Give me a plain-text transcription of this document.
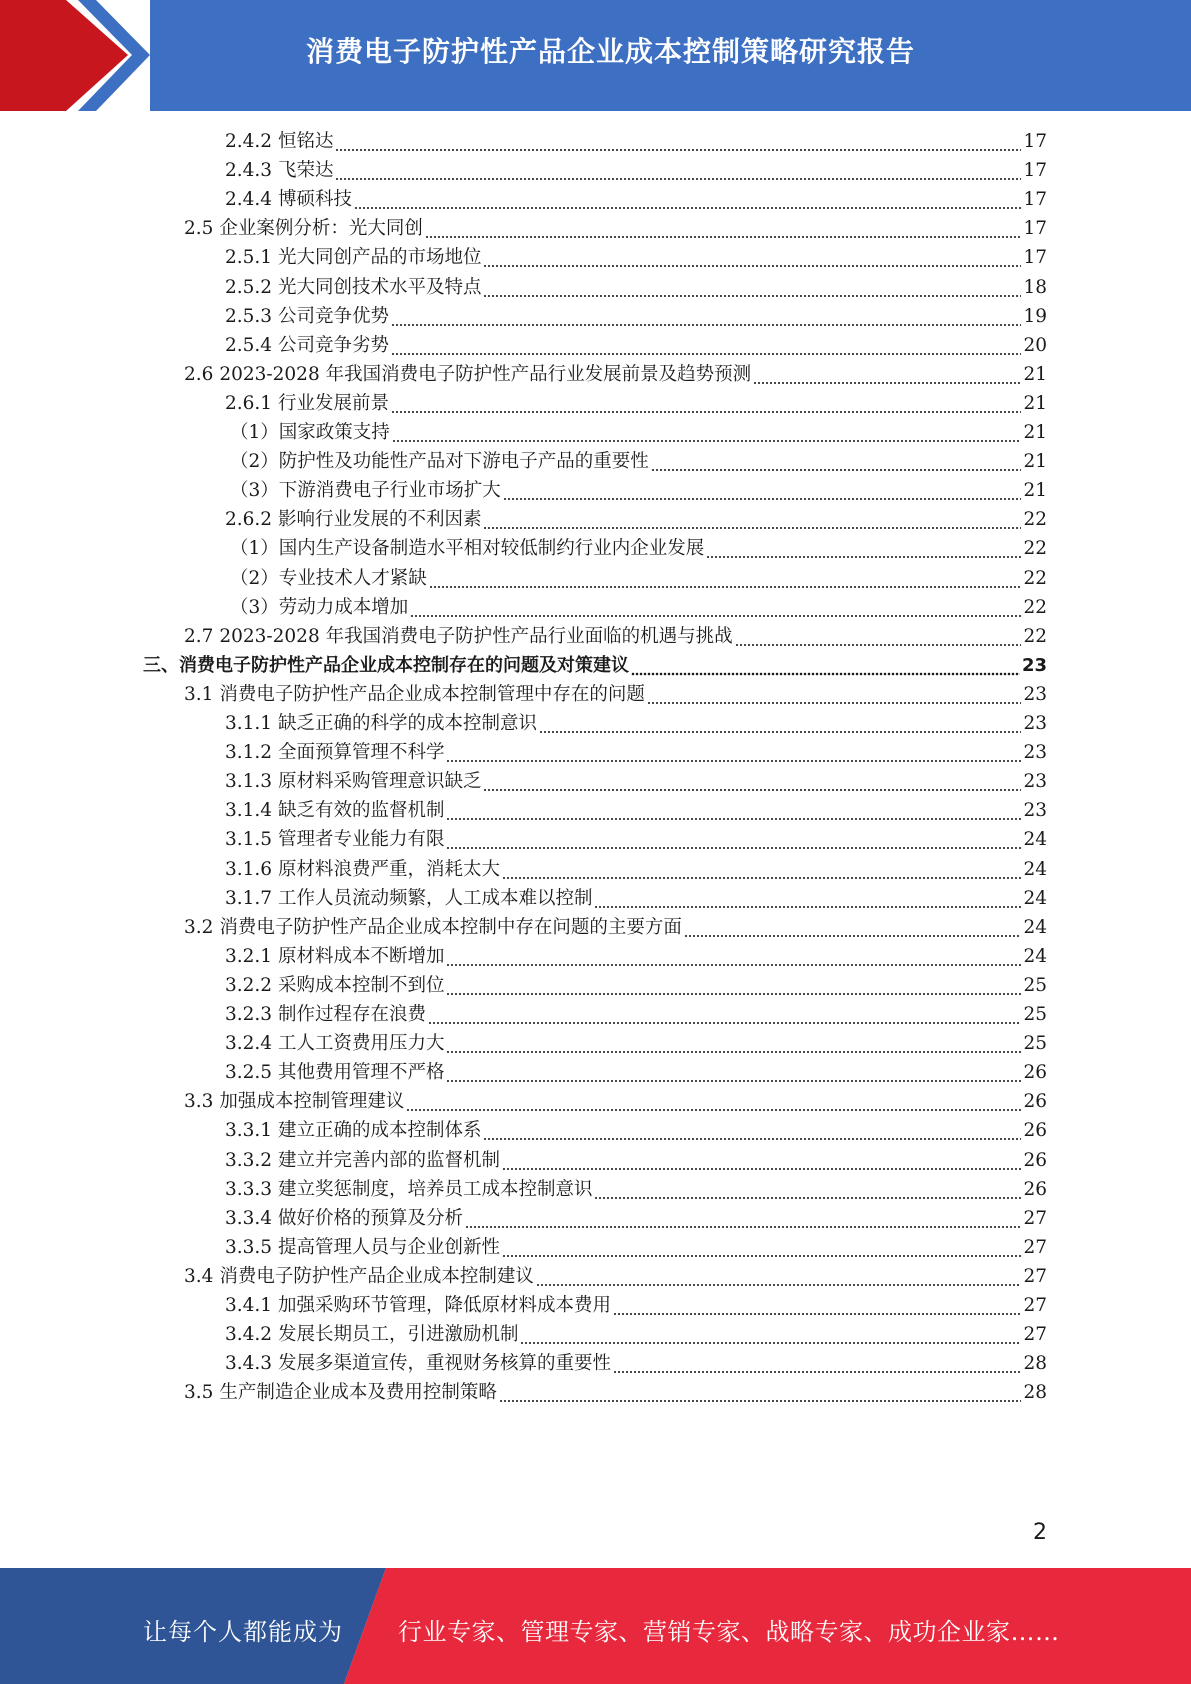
消费电子防护性产品企业成本控制策略研究报告
2.4.2 恒铭达	17
2.4.3 飞荣达	17
2.4.4 博硕科技	17
2.5 企业案例分析：光大同创	17
2.5.1 光大同创产品的市场地位	17
2.5.2 光大同创技术水平及特点	18
2.5.3 公司竞争优势	19
2.5.4 公司竞争劣势	20
2.6 2023-2028 年我国消费电子防护性产品行业发展前景及趋势预测	21
2.6.1 行业发展前景	21
（1）国家政策支持	21
（2）防护性及功能性产品对下游电子产品的重要性	21
（3）下游消费电子行业市场扩大	21
2.6.2 影响行业发展的不利因素	22
（1）国内生产设备制造水平相对较低制约行业内企业发展	22
（2）专业技术人才紧缺	22
（3）劳动力成本增加	22
2.7 2023-2028 年我国消费电子防护性产品行业面临的机遇与挑战	22
三、消费电子防护性产品企业成本控制存在的问题及对策建议	23
3.1 消费电子防护性产品企业成本控制管理中存在的问题	23
3.1.1 缺乏正确的科学的成本控制意识	23
3.1.2 全面预算管理不科学	23
3.1.3 原材料采购管理意识缺乏	23
3.1.4 缺乏有效的监督机制	23
3.1.5 管理者专业能力有限	24
3.1.6 原材料浪费严重，消耗太大	24
3.1.7 工作人员流动频繁，人工成本难以控制	24
3.2 消费电子防护性产品企业成本控制中存在问题的主要方面	24
3.2.1 原材料成本不断增加	24
3.2.2 采购成本控制不到位	25
3.2.3 制作过程存在浪费	25
3.2.4 工人工资费用压力大	25
3.2.5 其他费用管理不严格	26
3.3 加强成本控制管理建议	26
3.3.1 建立正确的成本控制体系	26
3.3.2 建立并完善内部的监督机制	26
3.3.3 建立奖惩制度，培养员工成本控制意识	26
3.3.4 做好价格的预算及分析	27
3.3.5 提高管理人员与企业创新性	27
3.4 消费电子防护性产品企业成本控制建议	27
3.4.1 加强采购环节管理，降低原材料成本费用	27
3.4.2 发展长期员工，引进激励机制	27
3.4.3 发展多渠道宣传，重视财务核算的重要性	28
3.5 生产制造企业成本及费用控制策略	28
2
让每个人都能成为 行业专家、管理专家、营销专家、战略专家、成功企业家……
